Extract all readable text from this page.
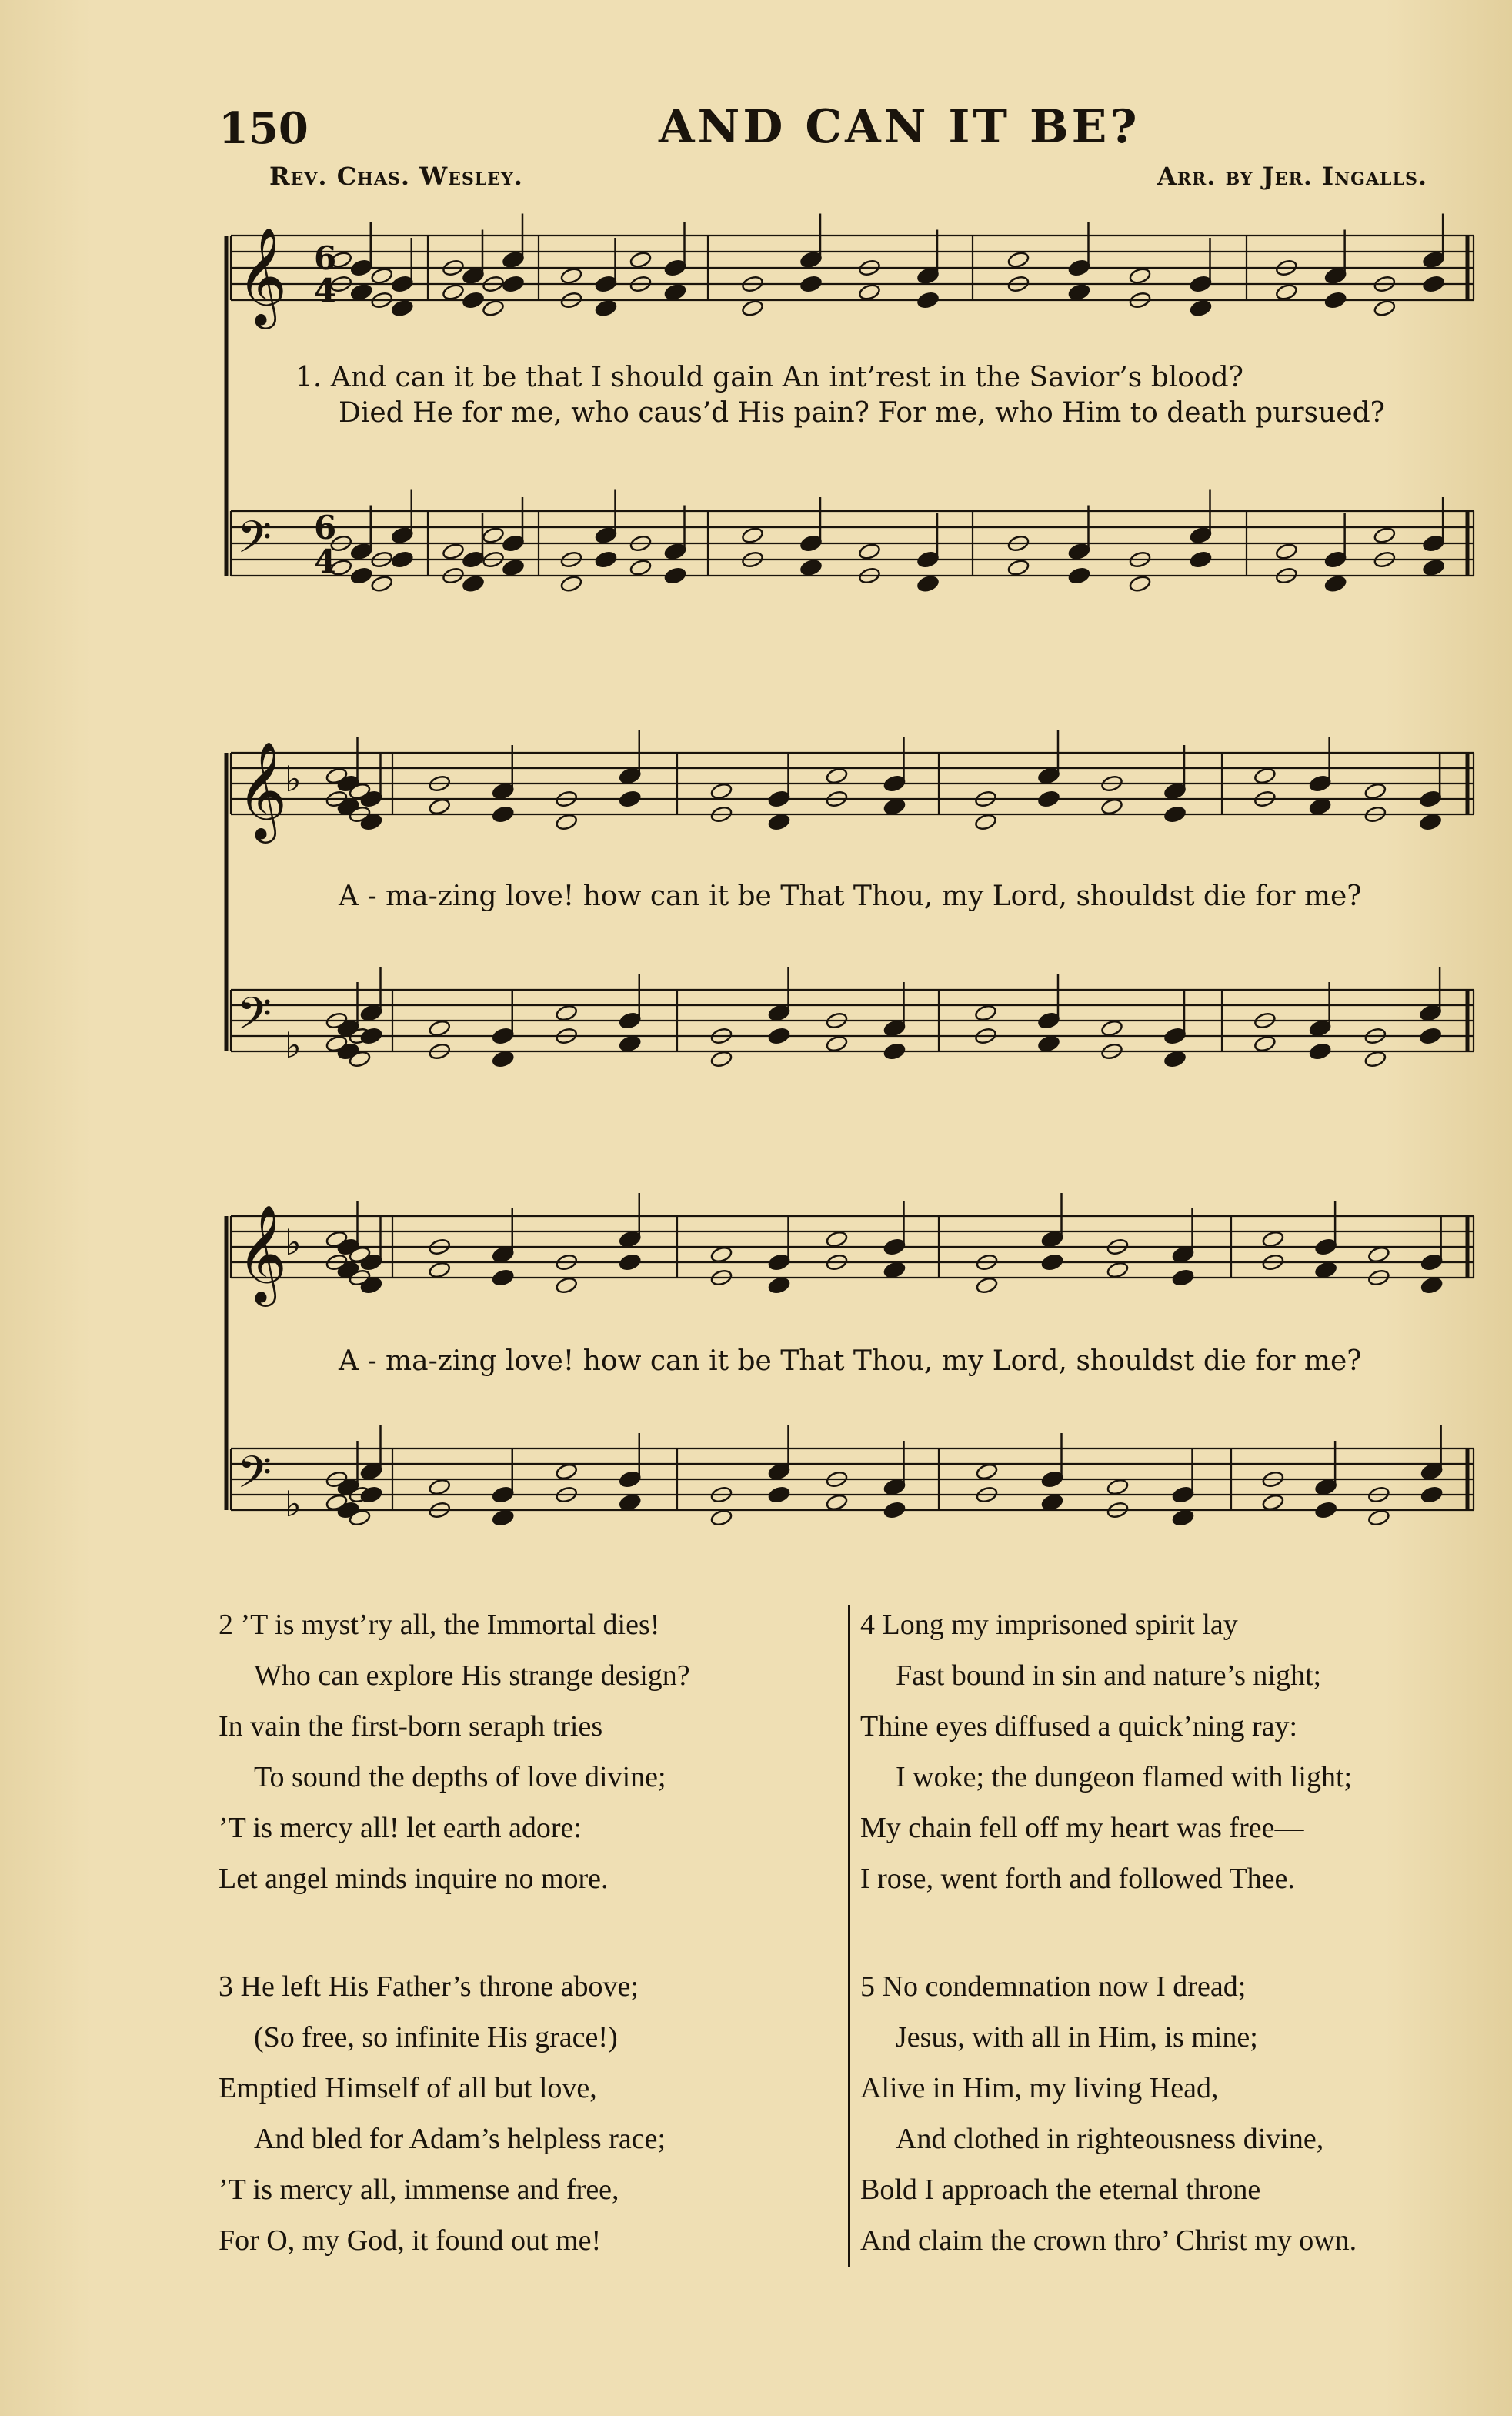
150	AND CAN IT BE?
Rev. Chas. Wesley.	Arr. by Jer. Ingalls.
𝄞
𝄢
𝄞
♭
𝄢 ♭
𝄞
♭
𝄢 ♭
6
4
6
4
1. And can it be that I should gain An int’rest in the Savior’s blood?
Died He for me, who caus’d His pain? For me, who Him to death pursued?
A - ma-zing love! how can it be That Thou, my Lord, shouldst die for me?
A - ma-zing love! how can it be That Thou, my Lord, shouldst die for me?
2 ’T is myst’ry all, the Immortal dies!
Who can explore His strange design?
In vain the first-born seraph tries
To sound the depths of love divine;
’T is mercy all! let earth adore:
Let angel minds inquire no more.
3 He left His Father’s throne above;
(So free, so infinite His grace!)
Emptied Himself of all but love,
And bled for Adam’s helpless race;
’T is mercy all, immense and free,
For O, my God, it found out me!
4 Long my imprisoned spirit lay
Fast bound in sin and nature’s night;
Thine eyes diffused a quick’ning ray:
I woke; the dungeon flamed with light;
My chain fell off my heart was free—
I rose, went forth and followed Thee.
5 No condemnation now I dread;
Jesus, with all in Him, is mine;
Alive in Him, my living Head,
And clothed in righteousness divine,
Bold I approach the eternal throne
And claim the crown thro’ Christ my own.
